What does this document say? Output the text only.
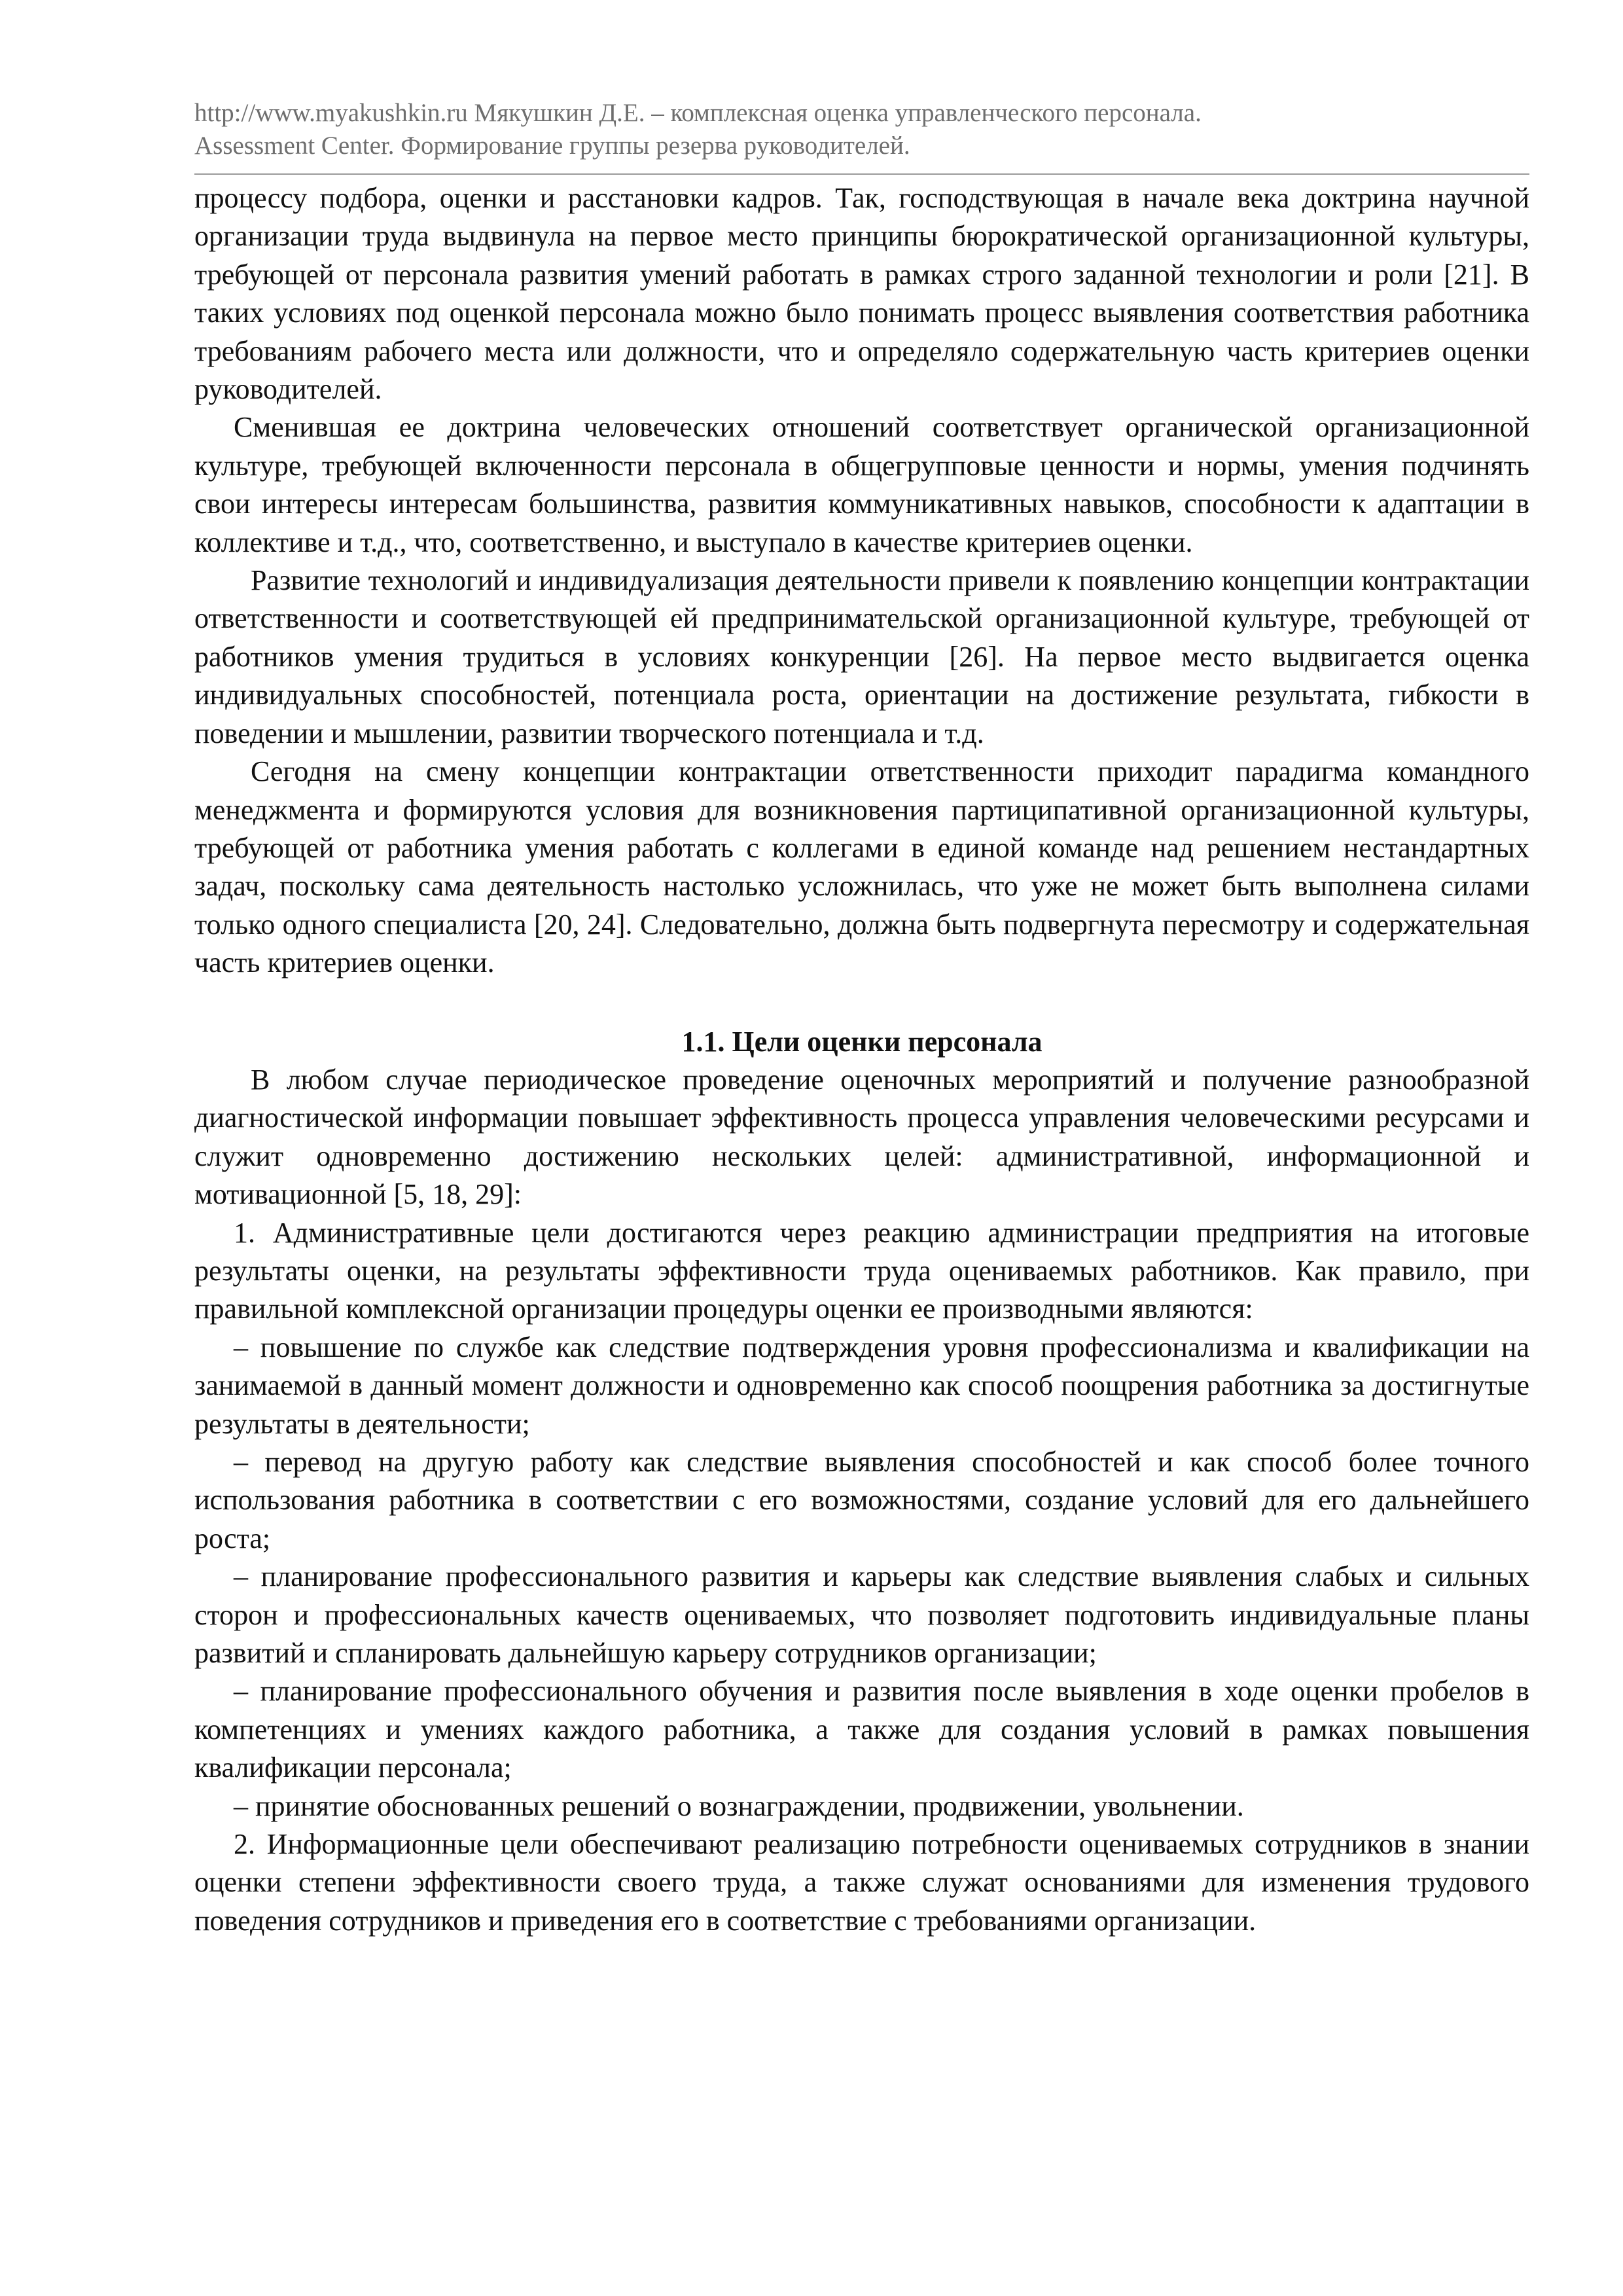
http://www.myakushkin.ru Мякушкин Д.Е. – комплексная оценка управленческого персонала.
Assessment Center. Формирование группы резерва руководителей.

процессу подбора, оценки и расстановки кадров. Так, господствующая в начале века доктрина научной организации труда выдвинула на первое место принципы бюрократической организационной культуры, требующей от персонала развития умений работать в рамках строго заданной технологии и роли [21]. В таких условиях под оценкой персонала можно было понимать процесс выявления соответствия работника требованиям рабочего места или должности, что и определяло содержательную часть критериев оценки руководителей.

Сменившая ее доктрина человеческих отношений соответствует органической организационной культуре, требующей включенности персонала в общегрупповые ценности и нормы, умения подчинять свои интересы интересам большинства, развития коммуникативных навыков, способности к адаптации в коллективе и т.д., что, соответственно, и выступало в качестве критериев оценки.

Развитие технологий и индивидуализация деятельности привели к появлению концепции контрактации ответственности и соответствующей ей предпринимательской организационной культуре, требующей от работников умения трудиться в условиях конкуренции [26]. На первое место выдвигается оценка индивидуальных способностей, потенциала роста, ориентации на достижение результата, гибкости в поведении и мышлении, развитии творческого потенциала и т.д.

Сегодня на смену концепции контрактации ответственности приходит парадигма командного менеджмента и формируются условия для возникновения партиципативной организационной культуры, требующей от работника умения работать с коллегами в единой команде над решением нестандартных задач, поскольку сама деятельность настолько усложнилась, что уже не может быть выполнена силами только одного специалиста [20, 24]. Следовательно, должна быть подвергнута пересмотру и содержательная часть критериев оценки.

1.1. Цели оценки персонала

В любом случае периодическое проведение оценочных мероприятий и получение разнообразной диагностической информации повышает эффективность процесса управления человеческими ресурсами и служит одновременно достижению нескольких целей: административной, информационной и мотивационной [5, 18, 29]:

1. Административные цели достигаются через реакцию администрации предприятия на итоговые результаты оценки, на результаты эффективности труда оцениваемых работников. Как правило, при правильной комплексной организации процедуры оценки ее производными являются:

– повышение по службе как следствие подтверждения уровня профессионализма и квалификации на занимаемой в данный момент должности и одновременно как способ поощрения работника за достигнутые результаты в деятельности;

– перевод на другую работу как следствие выявления способностей и как способ более точного использования работника в соответствии с его возможностями, создание условий для его дальнейшего роста;

– планирование профессионального развития и карьеры как следствие выявления слабых и сильных сторон и профессиональных качеств оцениваемых, что позволяет подготовить индивидуальные планы развитий и спланировать дальнейшую карьеру сотрудников организации;

– планирование профессионального обучения и развития после выявления в ходе оценки пробелов в компетенциях и умениях каждого работника, а также для создания условий в рамках повышения квалификации персонала;

– принятие обоснованных решений о вознаграждении, продвижении, увольнении.

2. Информационные цели обеспечивают реализацию потребности оцениваемых сотрудников в знании оценки степени эффективности своего труда, а также служат основаниями для изменения трудового поведения сотрудников и приведения его в соответствие с требованиями организации.
